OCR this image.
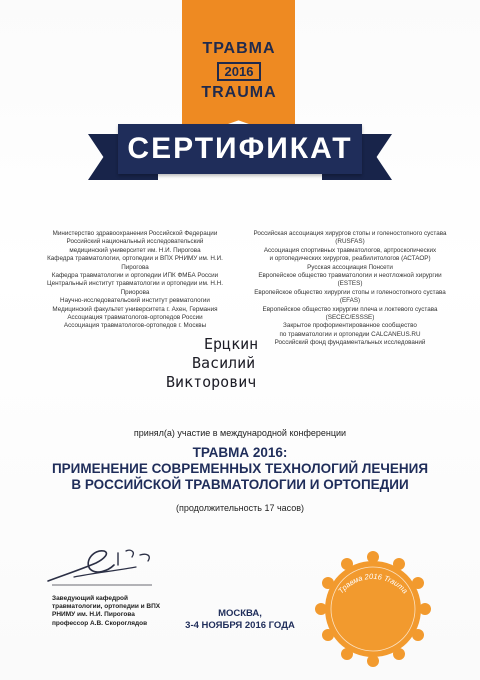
ТРАВМА
2016
TRAUMA
СЕРТИФИКАТ
Министерство здравоохранения Российской Федерации
Российский национальный исследовательский
медицинский университет им. Н.И. Пирогова
Кафедра травматологии, ортопедии и ВПХ РНИМУ им. Н.И. Пирогова
Кафедра травматологии и ортопедии ИПК ФМБА России
Центральный институт травматологии и ортопедии им. Н.Н. Приорова
Научно-исследовательский институт ревматологии
Медицинский факультет университета г. Ахен, Германия
Ассоциация травматологов-ортопедов России
Ассоциация травматологов-ортопедов г. Москвы
Российская ассоциация хирургов стопы и голеностопного сустава (RUSFAS)
Ассоциация спортивных травматологов, артроскопических
и ортопедических хирургов, реабилитологов (АСТАОР)
Русская ассоциация Понсети
Европейское общество травматологии и неотложной хирургии (ESTES)
Европейское общество хирургии стопы и голеностопного сустава (EFAS)
Европейское общество хирургии плеча и локтевого сустава (SECEC/ESSSE)
Закрытое профориентированное сообщество
по травматологии и ортопедии CALCANEUS.RU
Российский фонд фундаментальных исследований
Ерцкин
Василий
Викторович
принял(а) участие в международной конференции
ТРАВМА 2016:
ПРИМЕНЕНИЕ СОВРЕМЕННЫХ ТЕХНОЛОГИЙ ЛЕЧЕНИЯ
В РОССИЙСКОЙ ТРАВМАТОЛОГИИ И ОРТОПЕДИИ
(продолжительность 17 часов)
Заведующий кафедрой
травматологии, ортопедии и ВПХ
РНИМУ им. Н.И. Пирогова
профессор А.В. Скороглядов
МОСКВА,
3-4 НОЯБРЯ 2016 ГОДА
Травма 2016 Trauma
